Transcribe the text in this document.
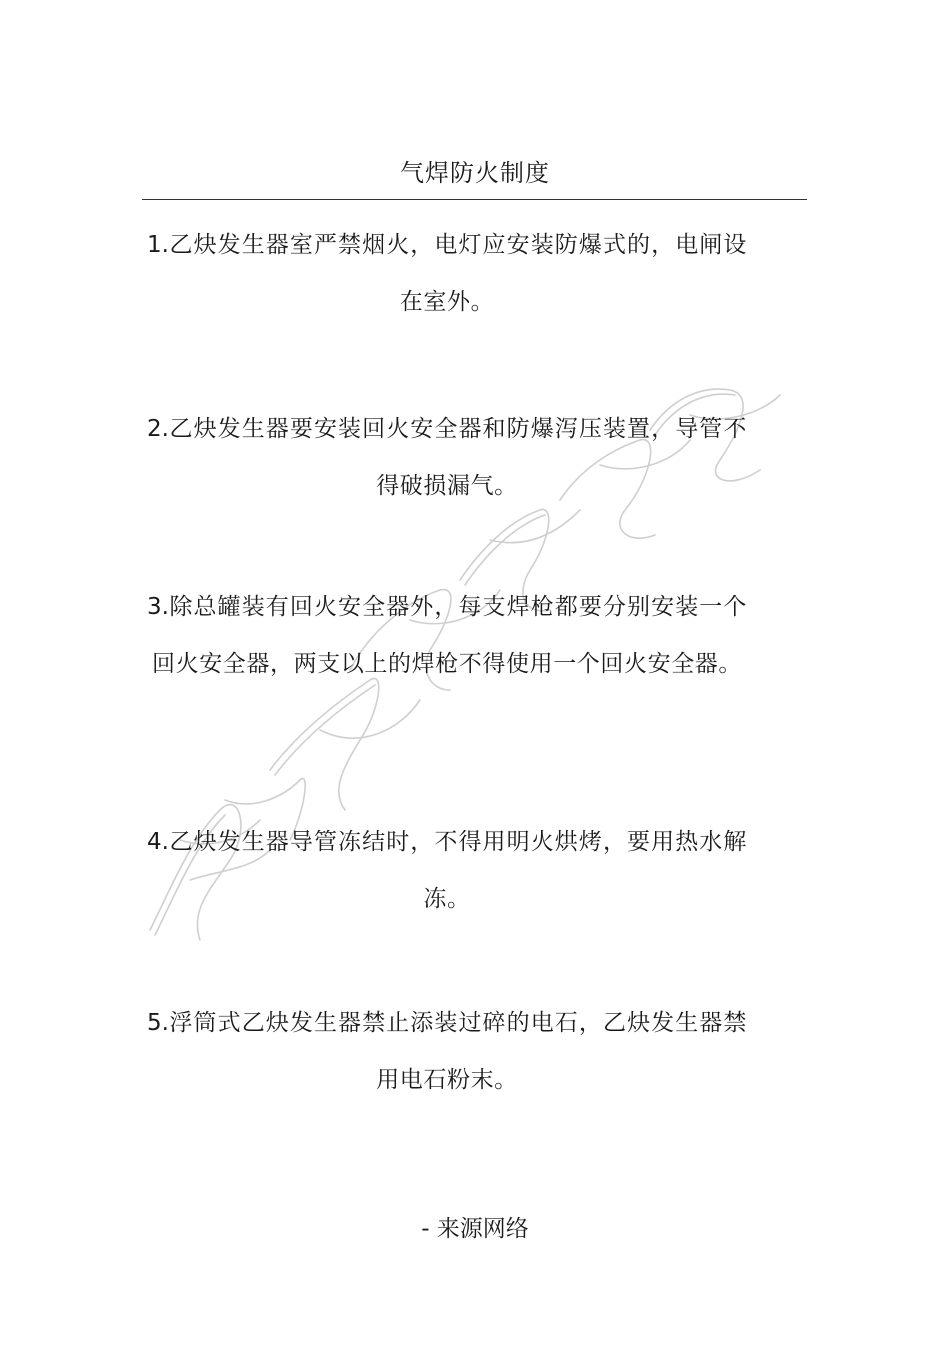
气焊防火制度
1.乙炔发生器室严禁烟火，电灯应安装防爆式的，电闸设在室外。
2.乙炔发生器要安装回火安全器和防爆泻压装置，导管不得破损漏气。
3.除总罐装有回火安全器外，每支焊枪都要分别安装一个回火安全器，两支以上的焊枪不得使用一个回火安全器。
4.乙炔发生器导管冻结时，不得用明火烘烤，要用热水解冻。
5.浮筒式乙炔发生器禁止添装过碎的电石，乙炔发生器禁用电石粉末。
- 来源网络
